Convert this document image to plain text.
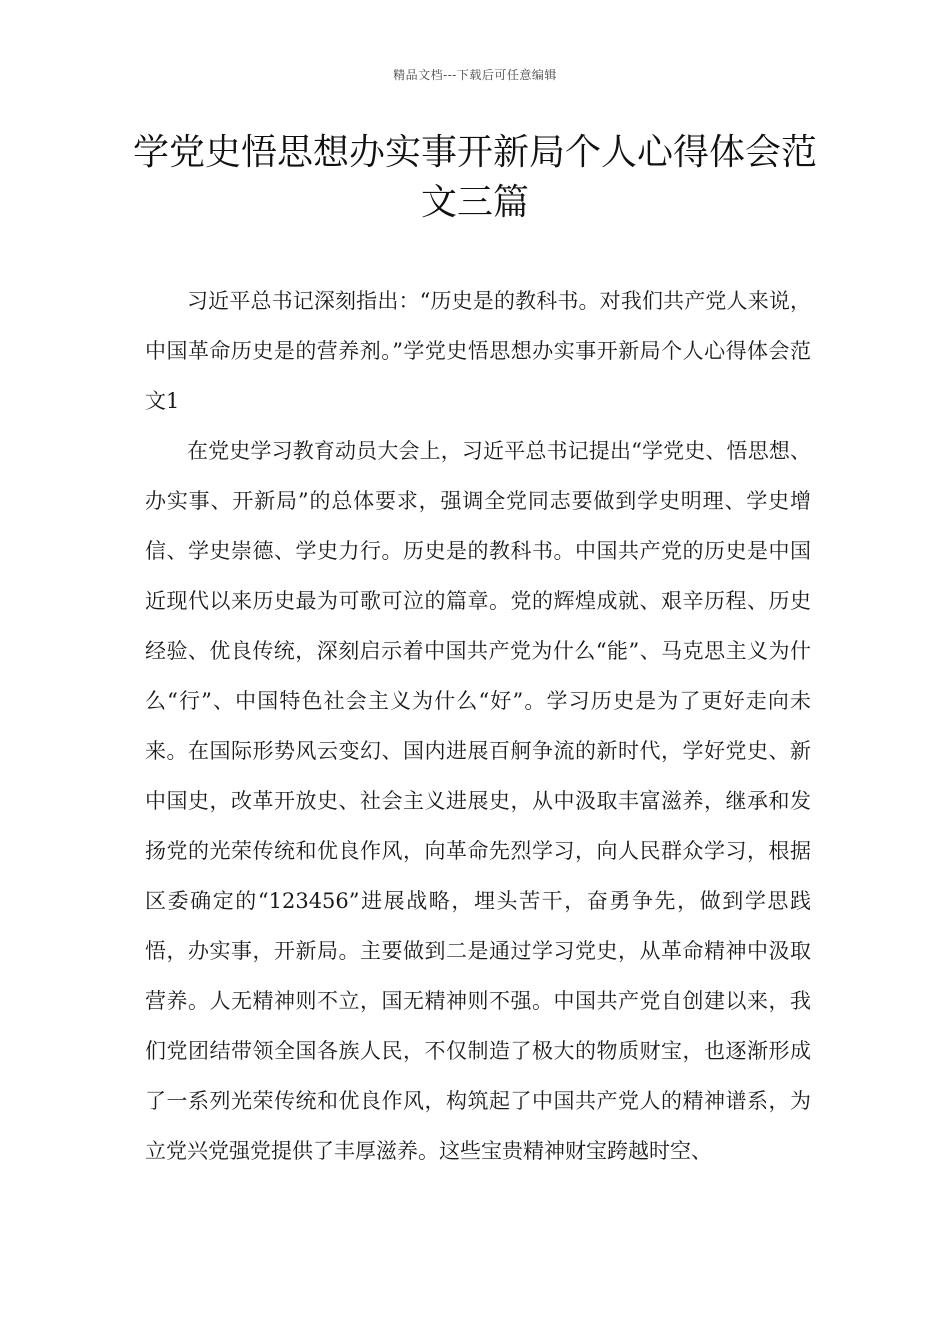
精品文档---下载后可任意编辑
学党史悟思想办实事开新局个人心得体会范文三篇

习近平总书记深刻指出：“历史是的教科书。对我们共产党人来说，中国革命历史是的营养剂。”学党史悟思想办实事开新局个人心得体会范文1

在党史学习教育动员大会上，习近平总书记提出“学党史、悟思想、办实事、开新局”的总体要求，强调全党同志要做到学史明理、学史增信、学史崇德、学史力行。历史是的教科书。中国共产党的历史是中国近现代以来历史最为可歌可泣的篇章。党的辉煌成就、艰辛历程、历史经验、优良传统，深刻启示着中国共产党为什么“能”、马克思主义为什么“行”、中国特色社会主义为什么“好”。学习历史是为了更好走向未来。在国际形势风云变幻、国内进展百舸争流的新时代，学好党史、新中国史，改革开放史、社会主义进展史，从中汲取丰富滋养，继承和发扬党的光荣传统和优良作风，向革命先烈学习，向人民群众学习，根据区委确定的“123456”进展战略，埋头苦干，奋勇争先，做到学思践悟，办实事，开新局。主要做到二是通过学习党史，从革命精神中汲取营养。人无精神则不立，国无精神则不强。中国共产党自创建以来，我们党团结带领全国各族人民，不仅制造了极大的物质财宝，也逐渐形成了一系列光荣传统和优良作风，构筑起了中国共产党人的精神谱系，为立党兴党强党提供了丰厚滋养。这些宝贵精神财宝跨越时空、
